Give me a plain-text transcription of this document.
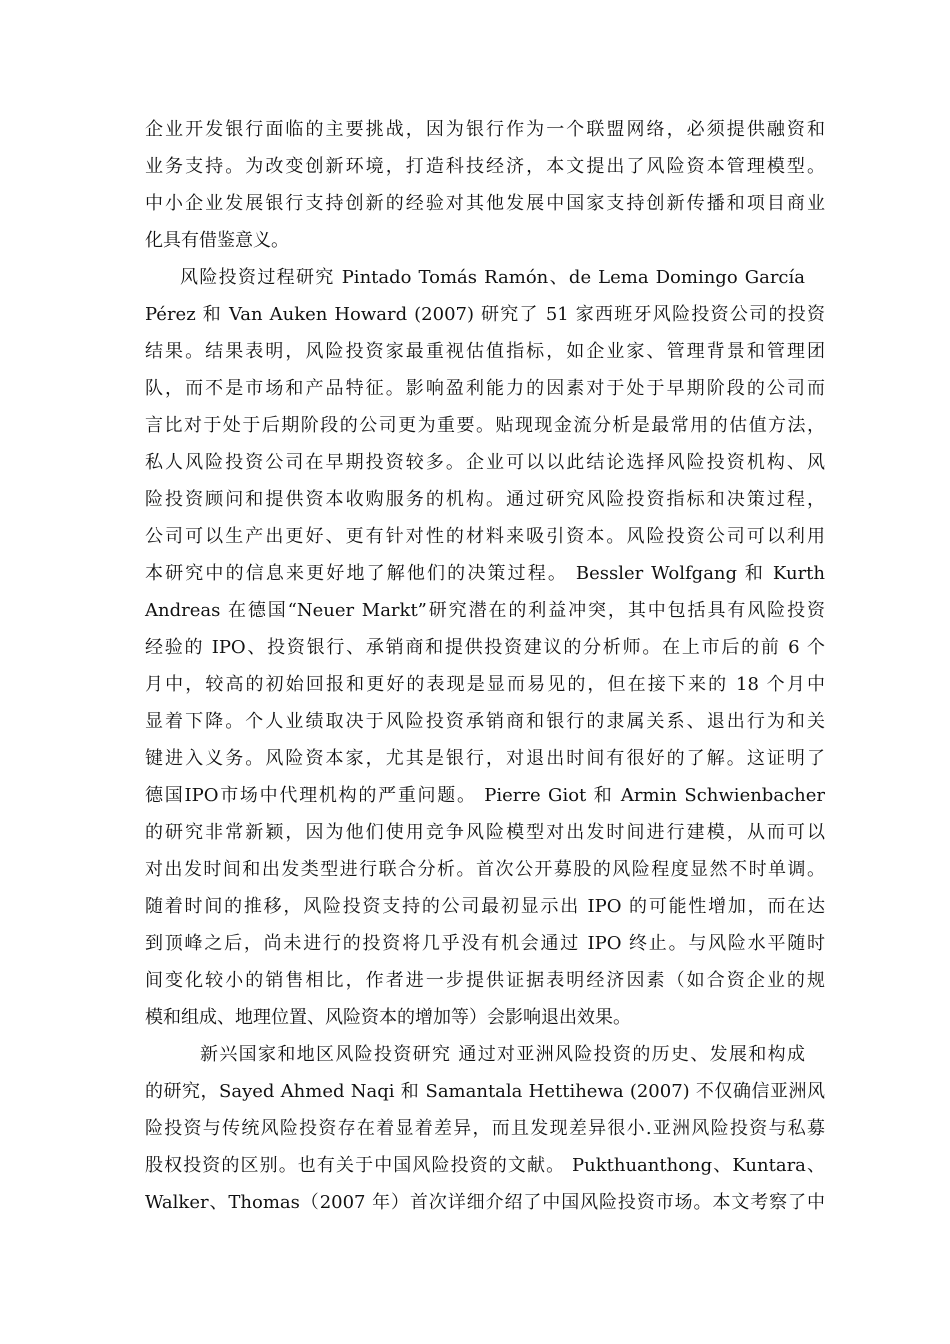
企业开发银行面临的主要挑战，因为银行作为一个联盟网络，必须提供融资和
业务支持。为改变创新环境，打造科技经济，本文提出了风险资本管理模型。
中小企业发展银行支持创新的经验对其他发展中国家支持创新传播和项目商业
化具有借鉴意义。
风险投资过程研究 Pintado Tomás Ramón、de Lema Domingo García
Pérez 和 Van Auken Howard (2007) 研究了 51 家西班牙风险投资公司的投资
结果。结果表明，风险投资家最重视估值指标，如企业家、管理背景和管理团
队，而不是市场和产品特征。影响盈利能力的因素对于处于早期阶段的公司而
言比对于处于后期阶段的公司更为重要。贴现现金流分析是最常用的估值方法，
私人风险投资公司在早期投资较多。企业可以以此结论选择风险投资机构、风
险投资顾问和提供资本收购服务的机构。通过研究风险投资指标和决策过程，
公司可以生产出更好、更有针对性的材料来吸引资本。风险投资公司可以利用
本研究中的信息来更好地了解他们的决策过程。 Bessler Wolfgang 和 Kurth
Andreas 在德国“Neuer Markt”研究潜在的利益冲突，其中包括具有风险投资
经验的 IPO、投资银行、承销商和提供投资建议的分析师。在上市后的前 6 个
月中，较高的初始回报和更好的表现是显而易见的，但在接下来的 18 个月中
显着下降。个人业绩取决于风险投资承销商和银行的隶属关系、退出行为和关
键进入义务。风险资本家，尤其是银行，对退出时间有很好的了解。这证明了
德国IPO市场中代理机构的严重问题。 Pierre Giot 和 Armin Schwienbacher
的研究非常新颖，因为他们使用竞争风险模型对出发时间进行建模，从而可以
对出发时间和出发类型进行联合分析。首次公开募股的风险程度显然不时单调。
随着时间的推移，风险投资支持的公司最初显示出 IPO 的可能性增加，而在达
到顶峰之后，尚未进行的投资将几乎没有机会通过 IPO 终止。与风险水平随时
间变化较小的销售相比，作者进一步提供证据表明经济因素（如合资企业的规
模和组成、地理位置、风险资本的增加等）会影响退出效果。
新兴国家和地区风险投资研究 通过对亚洲风险投资的历史、发展和构成
的研究，Sayed Ahmed Naqi 和 Samantala Hettihewa (2007) 不仅确信亚洲风
险投资与传统风险投资存在着显着差异，而且发现差异很小.亚洲风险投资与私募
股权投资的区别。也有关于中国风险投资的文献。 Pukthuanthong、Kuntara、
Walker、Thomas（2007 年）首次详细介绍了中国风险投资市场。本文考察了中
